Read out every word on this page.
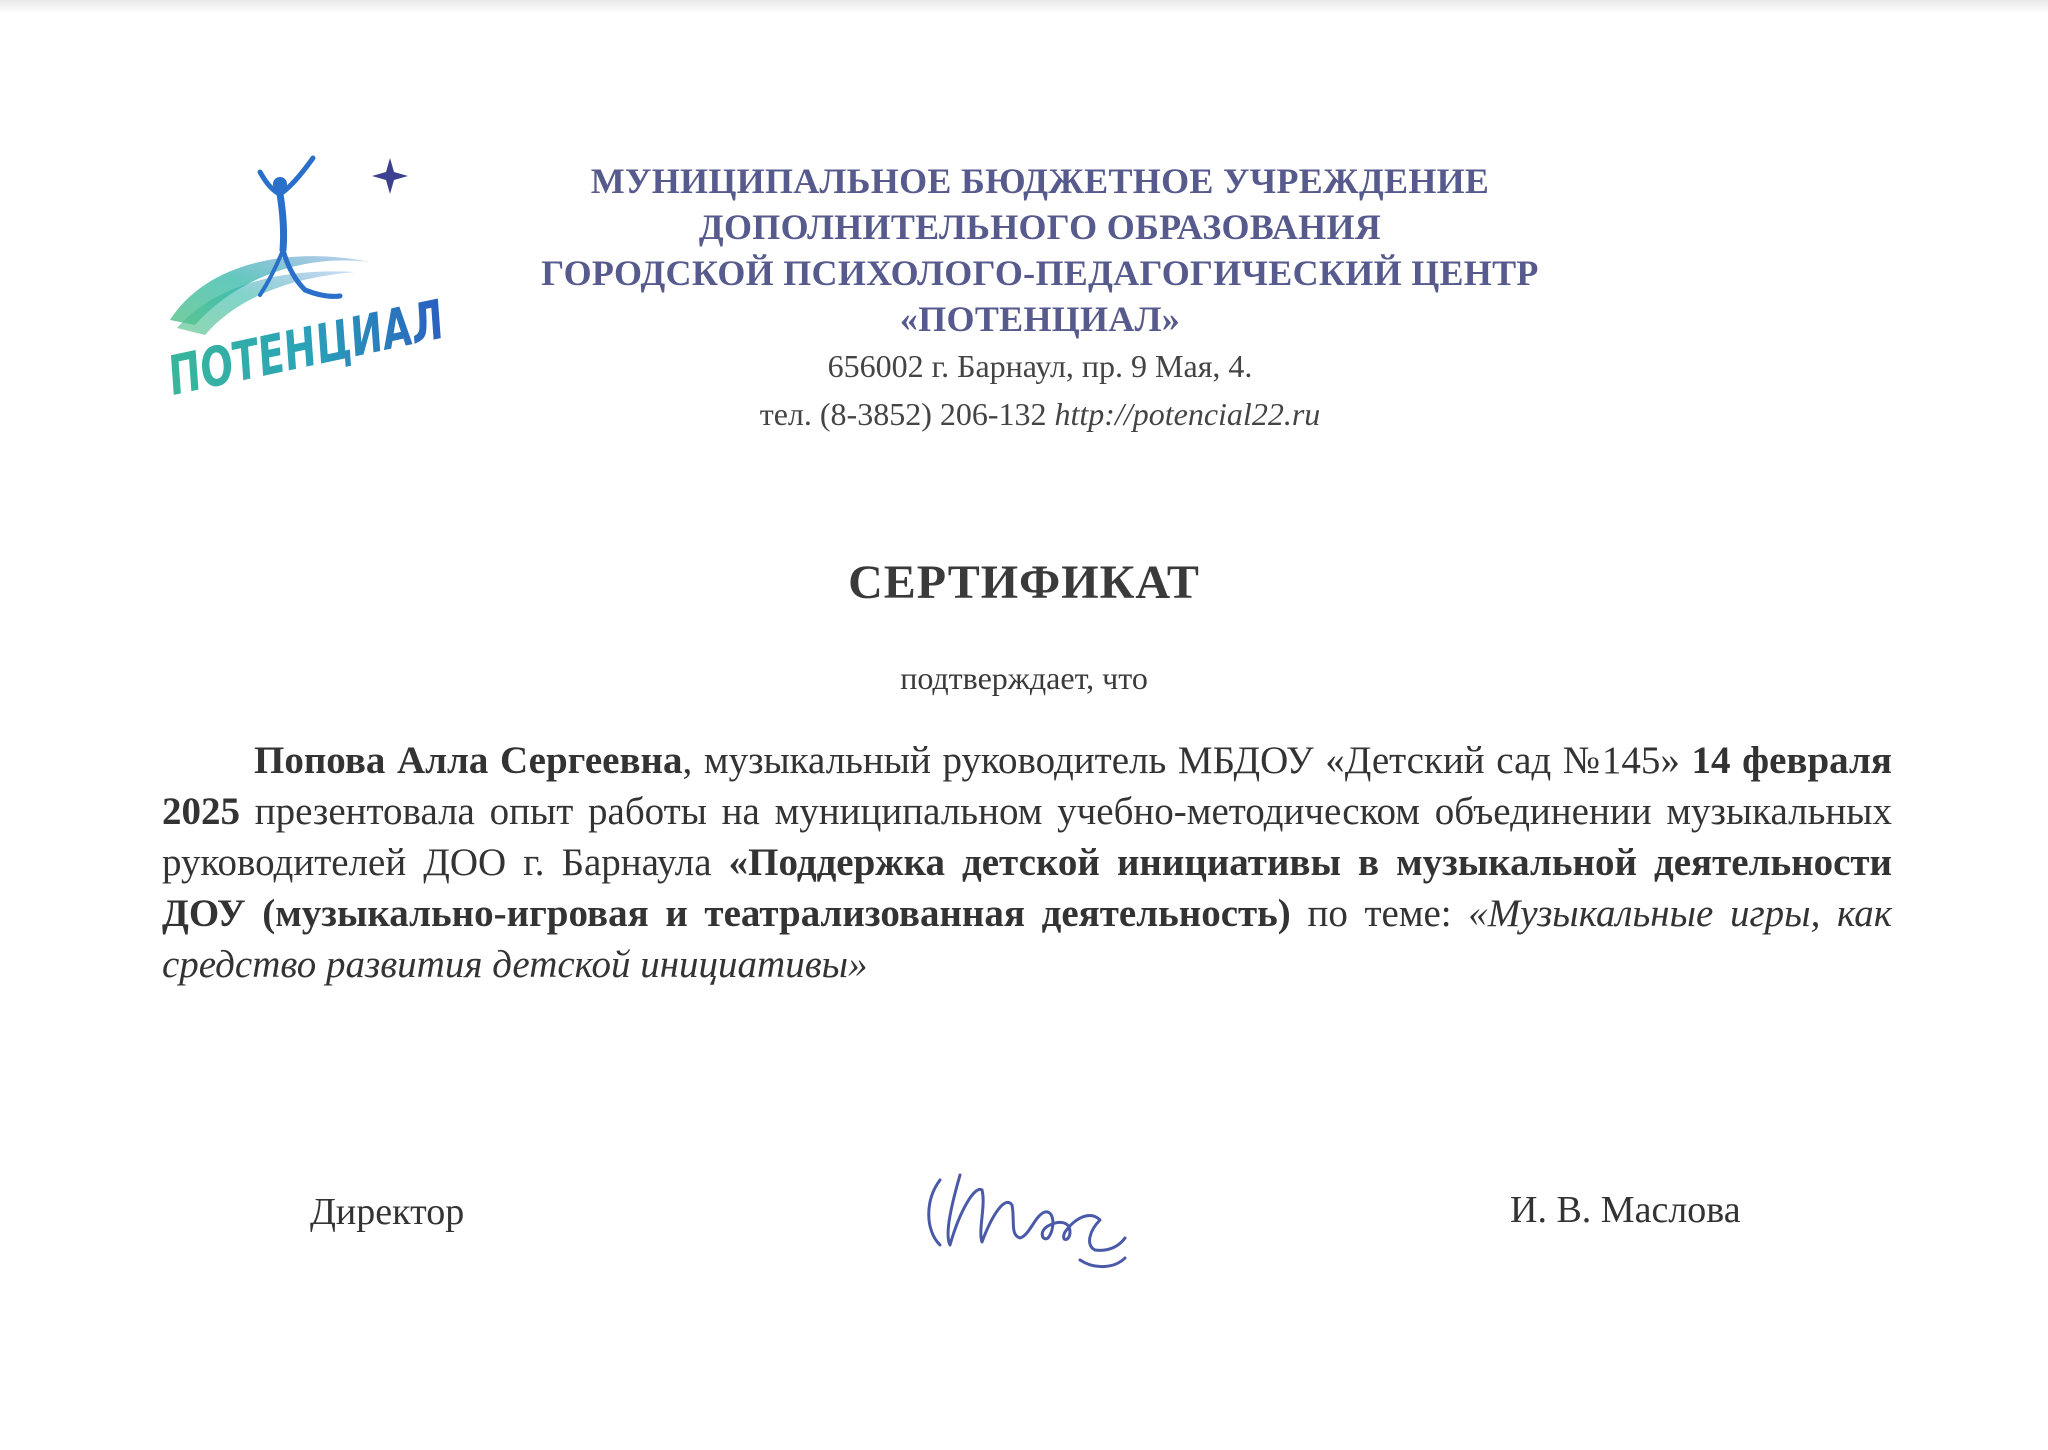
ПОТЕНЦИАЛ
МУНИЦИПАЛЬНОЕ БЮДЖЕТНОЕ УЧРЕЖДЕНИЕ
ДОПОЛНИТЕЛЬНОГО ОБРАЗОВАНИЯ
ГОРОДСКОЙ ПСИХОЛОГО-ПЕДАГОГИЧЕСКИЙ ЦЕНТР
«ПОТЕНЦИАЛ»
656002 г. Барнаул, пр. 9 Мая, 4.
тел. (8-3852) 206-132 http://potencial22.ru
СЕРТИФИКАТ
подтверждает, что
Попова Алла Сергеевна, музыкальный руководитель МБДОУ «Детский сад №145» 14 февраля 2025 презентовала опыт работы на муниципальном учебно-методическом объединении музыкальных руководителей ДОО г. Барнаула «Поддержка детской инициативы в музыкальной деятельности ДОУ (музыкально-игровая и театрализованная деятельность) по теме: «Музыкальные игры, как средство развития детской инициативы»
Директор	И. В. Маслова
